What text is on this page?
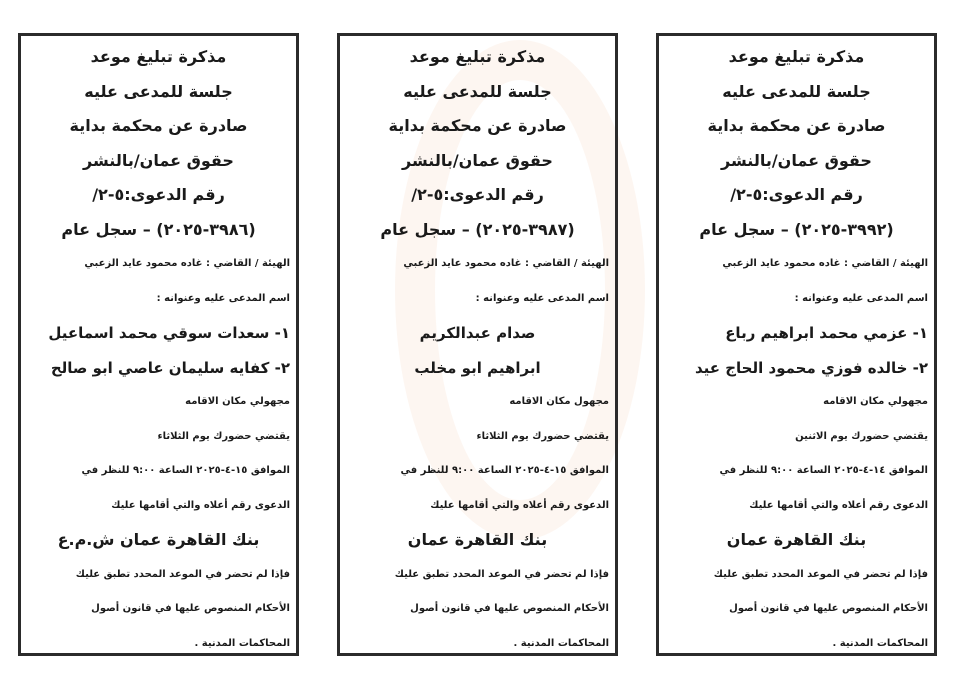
مذكرة تبليغ موعد
جلسة للمدعى عليه
صادرة عن محكمة بداية
حقوق عمان/بالنشر
رقم الدعوى:٥-٢/
(٣٩٩٢-٢٠٢٥) – سجل عام
الهيئة / القاضي : غاده محمود عايد الزعبي
اسم المدعى عليه وعنوانه :
١- عزمي محمد ابراهيم رباع
٢- خالده فوزي محمود الحاج عيد
مجهولي مكان الاقامه
يقتضي حضورك يوم الاثنين
الموافق ١٤-٤-٢٠٢٥ الساعة ٩:٠٠ للنظر في
الدعوى رقم أعلاه والتي أقامها عليك
بنك القاهرة عمان
فإذا لم تحضر في الموعد المحدد تطبق عليك
الأحكام المنصوص عليها في قانون أصول
المحاكمات المدنية .
مذكرة تبليغ موعد
جلسة للمدعى عليه
صادرة عن محكمة بداية
حقوق عمان/بالنشر
رقم الدعوى:٥-٢/
(٣٩٨٧-٢٠٢٥) – سجل عام
الهيئة / القاضي : غاده محمود عايد الزعبي
اسم المدعى عليه وعنوانه :
صدام عبدالكريم
ابراهيم ابو مخلب
مجهول مكان الاقامه
يقتضي حضورك يوم الثلاثاء
الموافق ١٥-٤-٢٠٢٥ الساعة ٩:٠٠ للنظر في
الدعوى رقم أعلاه والتي أقامها عليك
بنك القاهرة عمان
فإذا لم تحضر في الموعد المحدد تطبق عليك
الأحكام المنصوص عليها في قانون أصول
المحاكمات المدنية .
مذكرة تبليغ موعد
جلسة للمدعى عليه
صادرة عن محكمة بداية
حقوق عمان/بالنشر
رقم الدعوى:٥-٢/
(٣٩٨٦-٢٠٢٥) – سجل عام
الهيئة / القاضي : غاده محمود عايد الزعبي
اسم المدعى عليه وعنوانه :
١- سعدات سوقي محمد اسماعيل
٢- كفايه سليمان عاصي ابو صالح
مجهولي مكان الاقامه
يقتضي حضورك يوم الثلاثاء
الموافق ١٥-٤-٢٠٢٥ الساعة ٩:٠٠ للنظر في
الدعوى رقم أعلاه والتي أقامها عليك
بنك القاهرة عمان ش.م.ع
فإذا لم تحضر في الموعد المحدد تطبق عليك
الأحكام المنصوص عليها في قانون أصول
المحاكمات المدنية .
